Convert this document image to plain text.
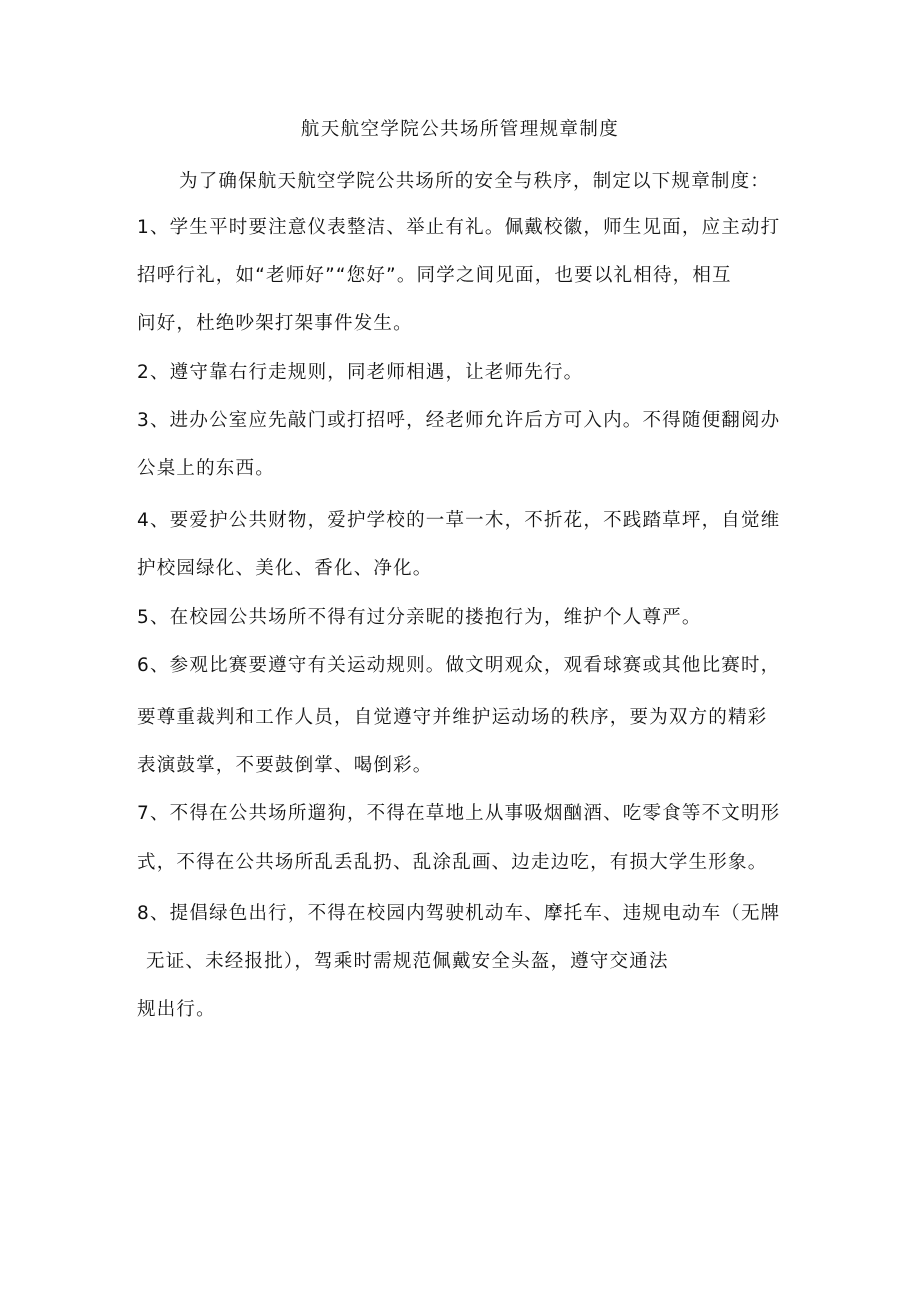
航天航空学院公共场所管理规章制度
为了确保航天航空学院公共场所的安全与秩序，制定以下规章制度：
1、学生平时要注意仪表整洁、举止有礼。佩戴校徽，师生见面，应主动打
招呼行礼，如“老师好”“您好”。同学之间见面，也要以礼相待，相互
问好，杜绝吵架打架事件发生。
2、遵守靠右行走规则，同老师相遇，让老师先行。
3、进办公室应先敲门或打招呼，经老师允许后方可入内。不得随便翻阅办
公桌上的东西。
4、要爱护公共财物，爱护学校的一草一木，不折花，不践踏草坪，自觉维
护校园绿化、美化、香化、净化。
5、在校园公共场所不得有过分亲昵的搂抱行为，维护个人尊严。
6、参观比赛要遵守有关运动规则。做文明观众，观看球赛或其他比赛时，
要尊重裁判和工作人员，自觉遵守并维护运动场的秩序，要为双方的精彩
表演鼓掌，不要鼓倒掌、喝倒彩。
7、不得在公共场所遛狗，不得在草地上从事吸烟酗酒、吃零食等不文明形
式，不得在公共场所乱丢乱扔、乱涂乱画、边走边吃，有损大学生形象。
8、提倡绿色出行，不得在校园内驾驶机动车、摩托车、违规电动车（无牌
无证、未经报批），驾乘时需规范佩戴安全头盔，遵守交通法
规出行。
